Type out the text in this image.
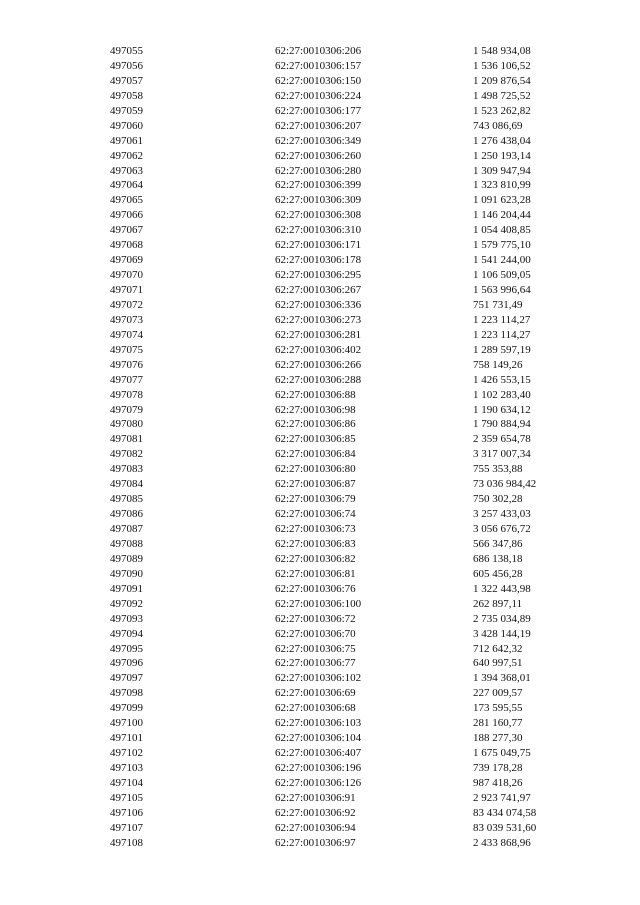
497055	62:27:0010306:206	1 548 934,08
497056	62:27:0010306:157	1 536 106,52
497057	62:27:0010306:150	1 209 876,54
497058	62:27:0010306:224	1 498 725,52
497059	62:27:0010306:177	1 523 262,82
497060	62:27:0010306:207	743 086,69
497061	62:27:0010306:349	1 276 438,04
497062	62:27:0010306:260	1 250 193,14
497063	62:27:0010306:280	1 309 947,94
497064	62:27:0010306:399	1 323 810,99
497065	62:27:0010306:309	1 091 623,28
497066	62:27:0010306:308	1 146 204,44
497067	62:27:0010306:310	1 054 408,85
497068	62:27:0010306:171	1 579 775,10
497069	62:27:0010306:178	1 541 244,00
497070	62:27:0010306:295	1 106 509,05
497071	62:27:0010306:267	1 563 996,64
497072	62:27:0010306:336	751 731,49
497073	62:27:0010306:273	1 223 114,27
497074	62:27:0010306:281	1 223 114,27
497075	62:27:0010306:402	1 289 597,19
497076	62:27:0010306:266	758 149,26
497077	62:27:0010306:288	1 426 553,15
497078	62:27:0010306:88	1 102 283,40
497079	62:27:0010306:98	1 190 634,12
497080	62:27:0010306:86	1 790 884,94
497081	62:27:0010306:85	2 359 654,78
497082	62:27:0010306:84	3 317 007,34
497083	62:27:0010306:80	755 353,88
497084	62:27:0010306:87	73 036 984,42
497085	62:27:0010306:79	750 302,28
497086	62:27:0010306:74	3 257 433,03
497087	62:27:0010306:73	3 056 676,72
497088	62:27:0010306:83	566 347,86
497089	62:27:0010306:82	686 138,18
497090	62:27:0010306:81	605 456,28
497091	62:27:0010306:76	1 322 443,98
497092	62:27:0010306:100	262 897,11
497093	62:27:0010306:72	2 735 034,89
497094	62:27:0010306:70	3 428 144,19
497095	62:27:0010306:75	712 642,32
497096	62:27:0010306:77	640 997,51
497097	62:27:0010306:102	1 394 368,01
497098	62:27:0010306:69	227 009,57
497099	62:27:0010306:68	173 595,55
497100	62:27:0010306:103	281 160,77
497101	62:27:0010306:104	188 277,30
497102	62:27:0010306:407	1 675 049,75
497103	62:27:0010306:196	739 178,28
497104	62:27:0010306:126	987 418,26
497105	62:27:0010306:91	2 923 741,97
497106	62:27:0010306:92	83 434 074,58
497107	62:27:0010306:94	83 039 531,60
497108	62:27:0010306:97	2 433 868,96
